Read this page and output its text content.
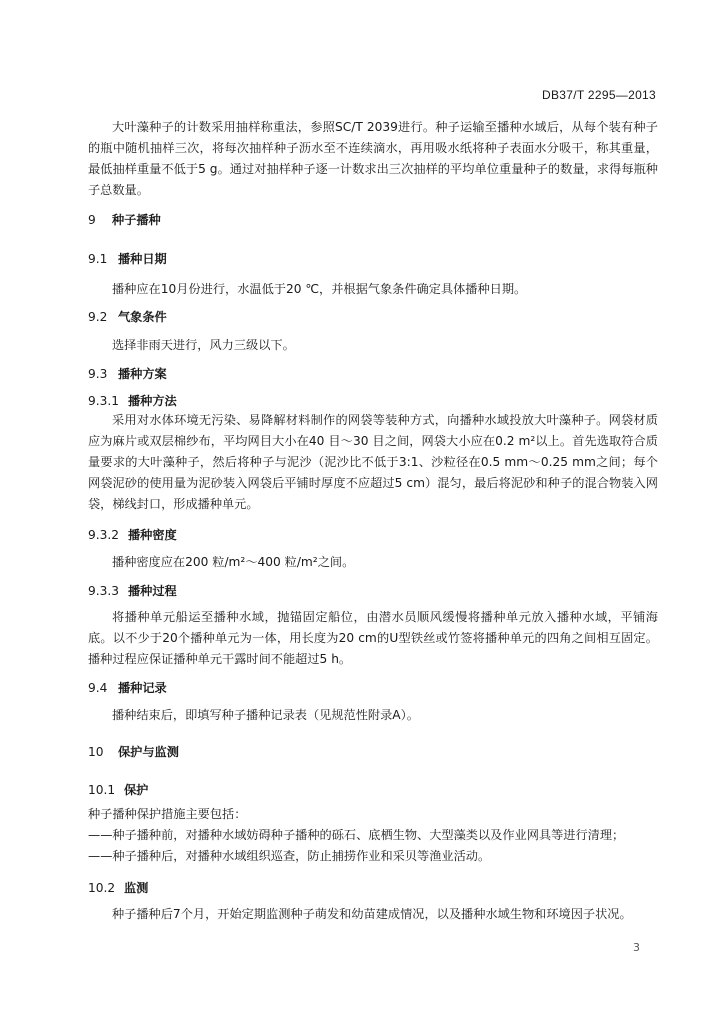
DB37/T 2295—2013
大叶藻种子的计数采用抽样称重法，参照SC/T 2039进行。种子运输至播种水域后，从每个装有种子的瓶中随机抽样三次，将每次抽样种子沥水至不连续滴水，再用吸水纸将种子表面水分吸干，称其重量，最低抽样重量不低于5 g。通过对抽样种子逐一计数求出三次抽样的平均单位重量种子的数量，求得每瓶种子总数量。
9 种子播种
9.1 播种日期
播种应在10月份进行，水温低于20 ℃，并根据气象条件确定具体播种日期。
9.2 气象条件
选择非雨天进行，风力三级以下。
9.3 播种方案
9.3.1 播种方法
采用对水体环境无污染、易降解材料制作的网袋等装种方式，向播种水域投放大叶藻种子。网袋材质应为麻片或双层棉纱布，平均网目大小在40 目～30 目之间，网袋大小应在0.2 m²以上。首先选取符合质量要求的大叶藻种子，然后将种子与泥沙（泥沙比不低于3:1、沙粒径在0.5 mm～0.25 mm之间；每个网袋泥砂的使用量为泥砂装入网袋后平铺时厚度不应超过5 cm）混匀，最后将泥砂和种子的混合物装入网袋，梯线封口，形成播种单元。
9.3.2 播种密度
播种密度应在200 粒/m²～400 粒/m²之间。
9.3.3 播种过程
将播种单元船运至播种水域，抛锚固定船位，由潜水员顺风缓慢将播种单元放入播种水域，平铺海底。以不少于20个播种单元为一体，用长度为20 cm的U型铁丝或竹签将播种单元的四角之间相互固定。播种过程应保证播种单元干露时间不能超过5 h。
9.4 播种记录
播种结束后，即填写种子播种记录表（见规范性附录A）。
10 保护与监测
10.1 保护
种子播种保护措施主要包括：
——种子播种前，对播种水域妨碍种子播种的砾石、底栖生物、大型藻类以及作业网具等进行清理；
——种子播种后，对播种水域组织巡查，防止捕捞作业和采贝等渔业活动。
10.2 监测
种子播种后7个月，开始定期监测种子萌发和幼苗建成情况，以及播种水域生物和环境因子状况。
3
